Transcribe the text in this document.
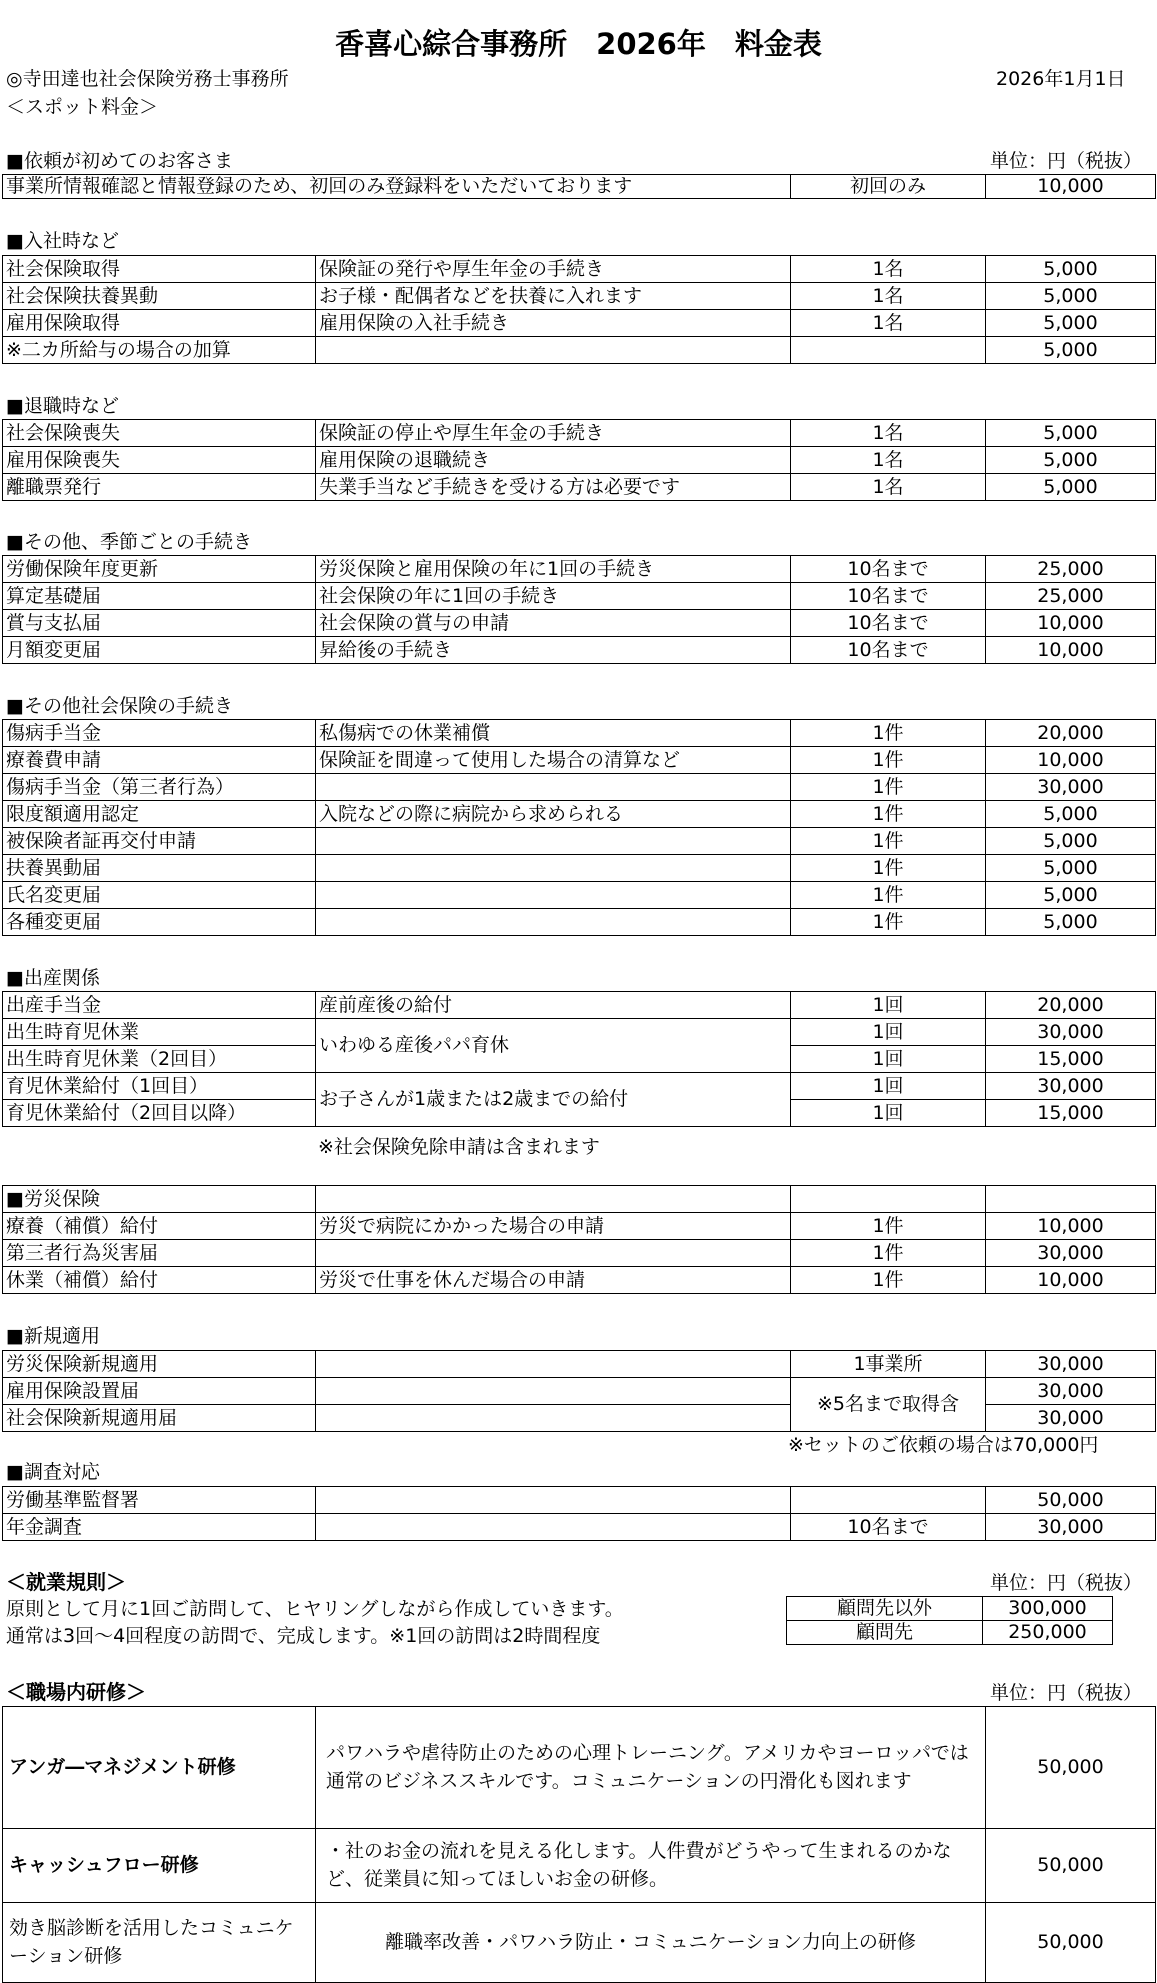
香喜心綜合事務所　2026年　料金表
◎寺田達也社会保険労務士事務所	2026年1月1日
＜スポット料金＞
■依頼が初めてのお客さま	単位：円（税抜）
事業所情報確認と情報登録のため、初回のみ登録料をいただいております	初回のみ	10,000
■入社時など
社会保険取得	保険証の発行や厚生年金の手続き	1名	5,000
社会保険扶養異動	お子様・配偶者などを扶養に入れます	1名	5,000
雇用保険取得	雇用保険の入社手続き	1名	5,000
※二カ所給与の場合の加算			5,000
■退職時など
社会保険喪失	保険証の停止や厚生年金の手続き	1名	5,000
雇用保険喪失	雇用保険の退職続き	1名	5,000
離職票発行	失業手当など手続きを受ける方は必要です	1名	5,000
■その他、季節ごとの手続き
労働保険年度更新	労災保険と雇用保険の年に1回の手続き	10名まで	25,000
算定基礎届	社会保険の年に1回の手続き	10名まで	25,000
賞与支払届	社会保険の賞与の申請	10名まで	10,000
月額変更届	昇給後の手続き	10名まで	10,000
■その他社会保険の手続き
傷病手当金	私傷病での休業補償	1件	20,000
療養費申請	保険証を間違って使用した場合の清算など	1件	10,000
傷病手当金（第三者行為）		1件	30,000
限度額適用認定	入院などの際に病院から求められる	1件	5,000
被保険者証再交付申請		1件	5,000
扶養異動届		1件	5,000
氏名変更届		1件	5,000
各種変更届		1件	5,000
■出産関係
出産手当金	産前産後の給付	1回	20,000
出生時育児休業	いわゆる産後パパ育休	1回	30,000
出生時育児休業（2回目）		1回	15,000
育児休業給付（1回目）	お子さんが1歳または2歳までの給付	1回	30,000
育児休業給付（2回目以降）		1回	15,000
※社会保険免除申請は含まれます
■労災保険			
療養（補償）給付	労災で病院にかかった場合の申請	1件	10,000
第三者行為災害届		1件	30,000
休業（補償）給付	労災で仕事を休んだ場合の申請	1件	10,000
■新規適用
労災保険新規適用		1事業所	30,000
雇用保険設置届		※5名まで取得含	30,000
社会保険新規適用届			30,000
※セットのご依頼の場合は70,000円
■調査対応
労働基準監督署			50,000
年金調査		10名まで	30,000
＜就業規則＞	単位：円（税抜）
原則として月に1回ご訪問して、ヒヤリングしながら作成していきます。
通常は3回～4回程度の訪問で、完成します。※1回の訪問は2時間程度
顧問先以外	300,000
顧問先	250,000
＜職場内研修＞	単位：円（税抜）
アンガ―マネジメント研修	パワハラや虐待防止のための心理トレーニング。アメリカやヨーロッパでは通常のビジネススキルです。コミュニケーションの円滑化も図れます	50,000
キャッシュフロー研修	・社のお金の流れを見える化します。人件費がどうやって生まれるのかなど、従業員に知ってほしいお金の研修。	50,000
効き脳診断を活用したコミュニケーション研修	離職率改善・パワハラ防止・コミュニケーション力向上の研修	50,000
